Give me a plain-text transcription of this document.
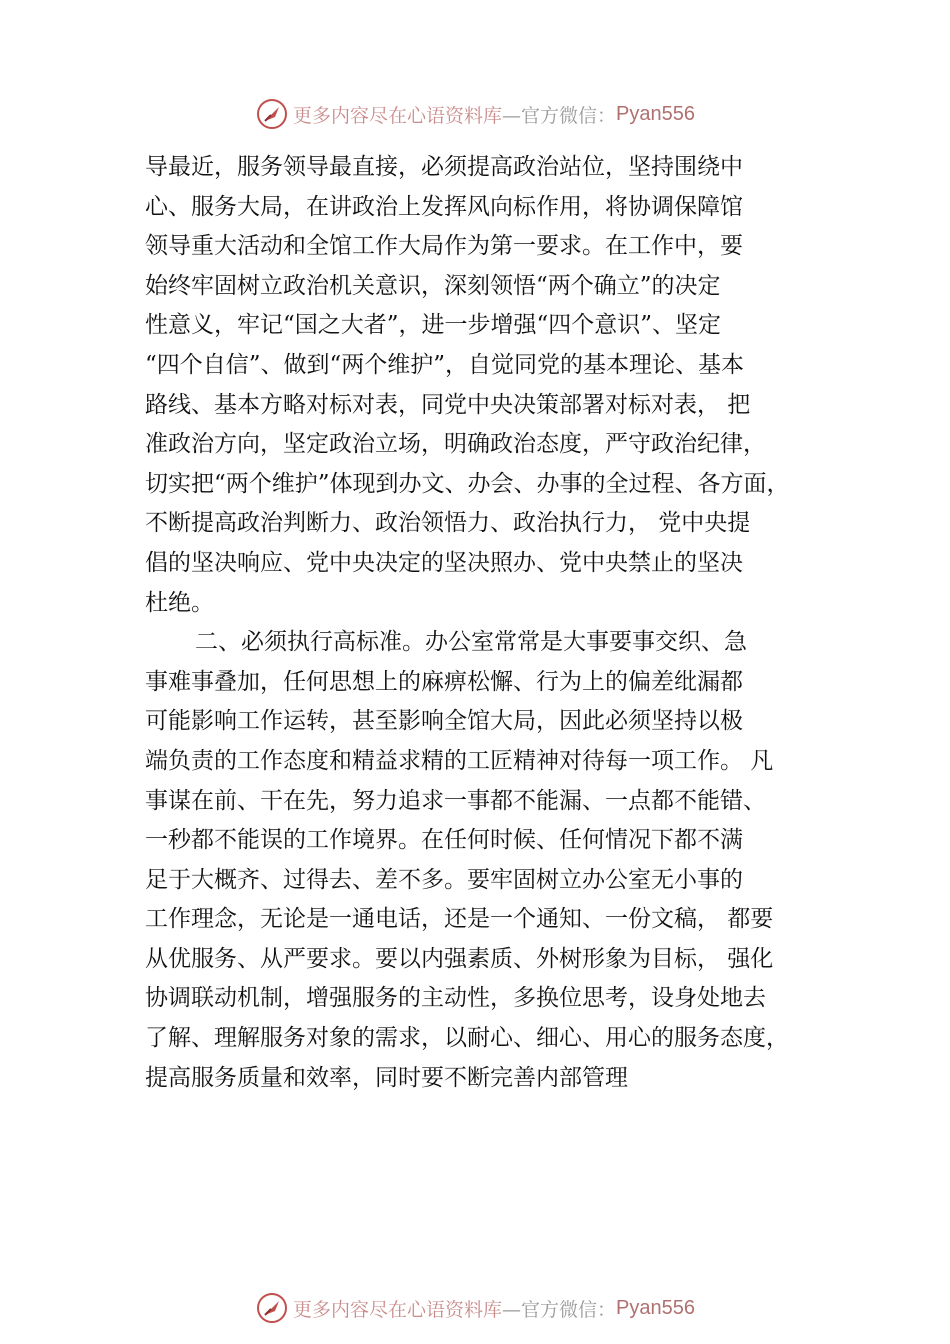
更多内容尽在心语资料库 —官方微信： Pyan556
导最近，服务领导最直接，必须提高政治站位，坚持围绕中
心、服务大局，在讲政治上发挥风向标作用，将协调保障馆
领导重大活动和全馆工作大局作为第一要求。在工作中，要
始终牢固树立政治机关意识，深刻领悟“两个确立”的决定
性意义，牢记“国之大者”，进一步增强“四个意识”、坚定
“四个自信”、做到“两个维护”，自觉同党的基本理论、基本
路线、基本方略对标对表，同党中央决策部署对标对表， 把
准政治方向，坚定政治立场，明确政治态度，严守政治纪律，
切实把“两个维护”体现到办文、办会、办事的全过程、各方面，
不断提高政治判断力、政治领悟力、政治执行力， 党中央提
倡的坚决响应、党中央决定的坚决照办、党中央禁止的坚决
杜绝。
二、必须执行高标准。办公室常常是大事要事交织、急
事难事叠加，任何思想上的麻痹松懈、行为上的偏差纰漏都
可能影响工作运转，甚至影响全馆大局，因此必须坚持以极
端负责的工作态度和精益求精的工匠精神对待每一项工作。 凡
事谋在前、干在先，努力追求一事都不能漏、一点都不能错、
一秒都不能误的工作境界。在任何时候、任何情况下都不满
足于大概齐、过得去、差不多。要牢固树立办公室无小事的
工作理念，无论是一通电话，还是一个通知、一份文稿， 都要
从优服务、从严要求。要以内强素质、外树形象为目标， 强化
协调联动机制，增强服务的主动性，多换位思考，设身处地去
了解、理解服务对象的需求，以耐心、细心、用心的服务态度，
提高服务质量和效率，同时要不断完善内部管理
更多内容尽在心语资料库 —官方微信： Pyan556
